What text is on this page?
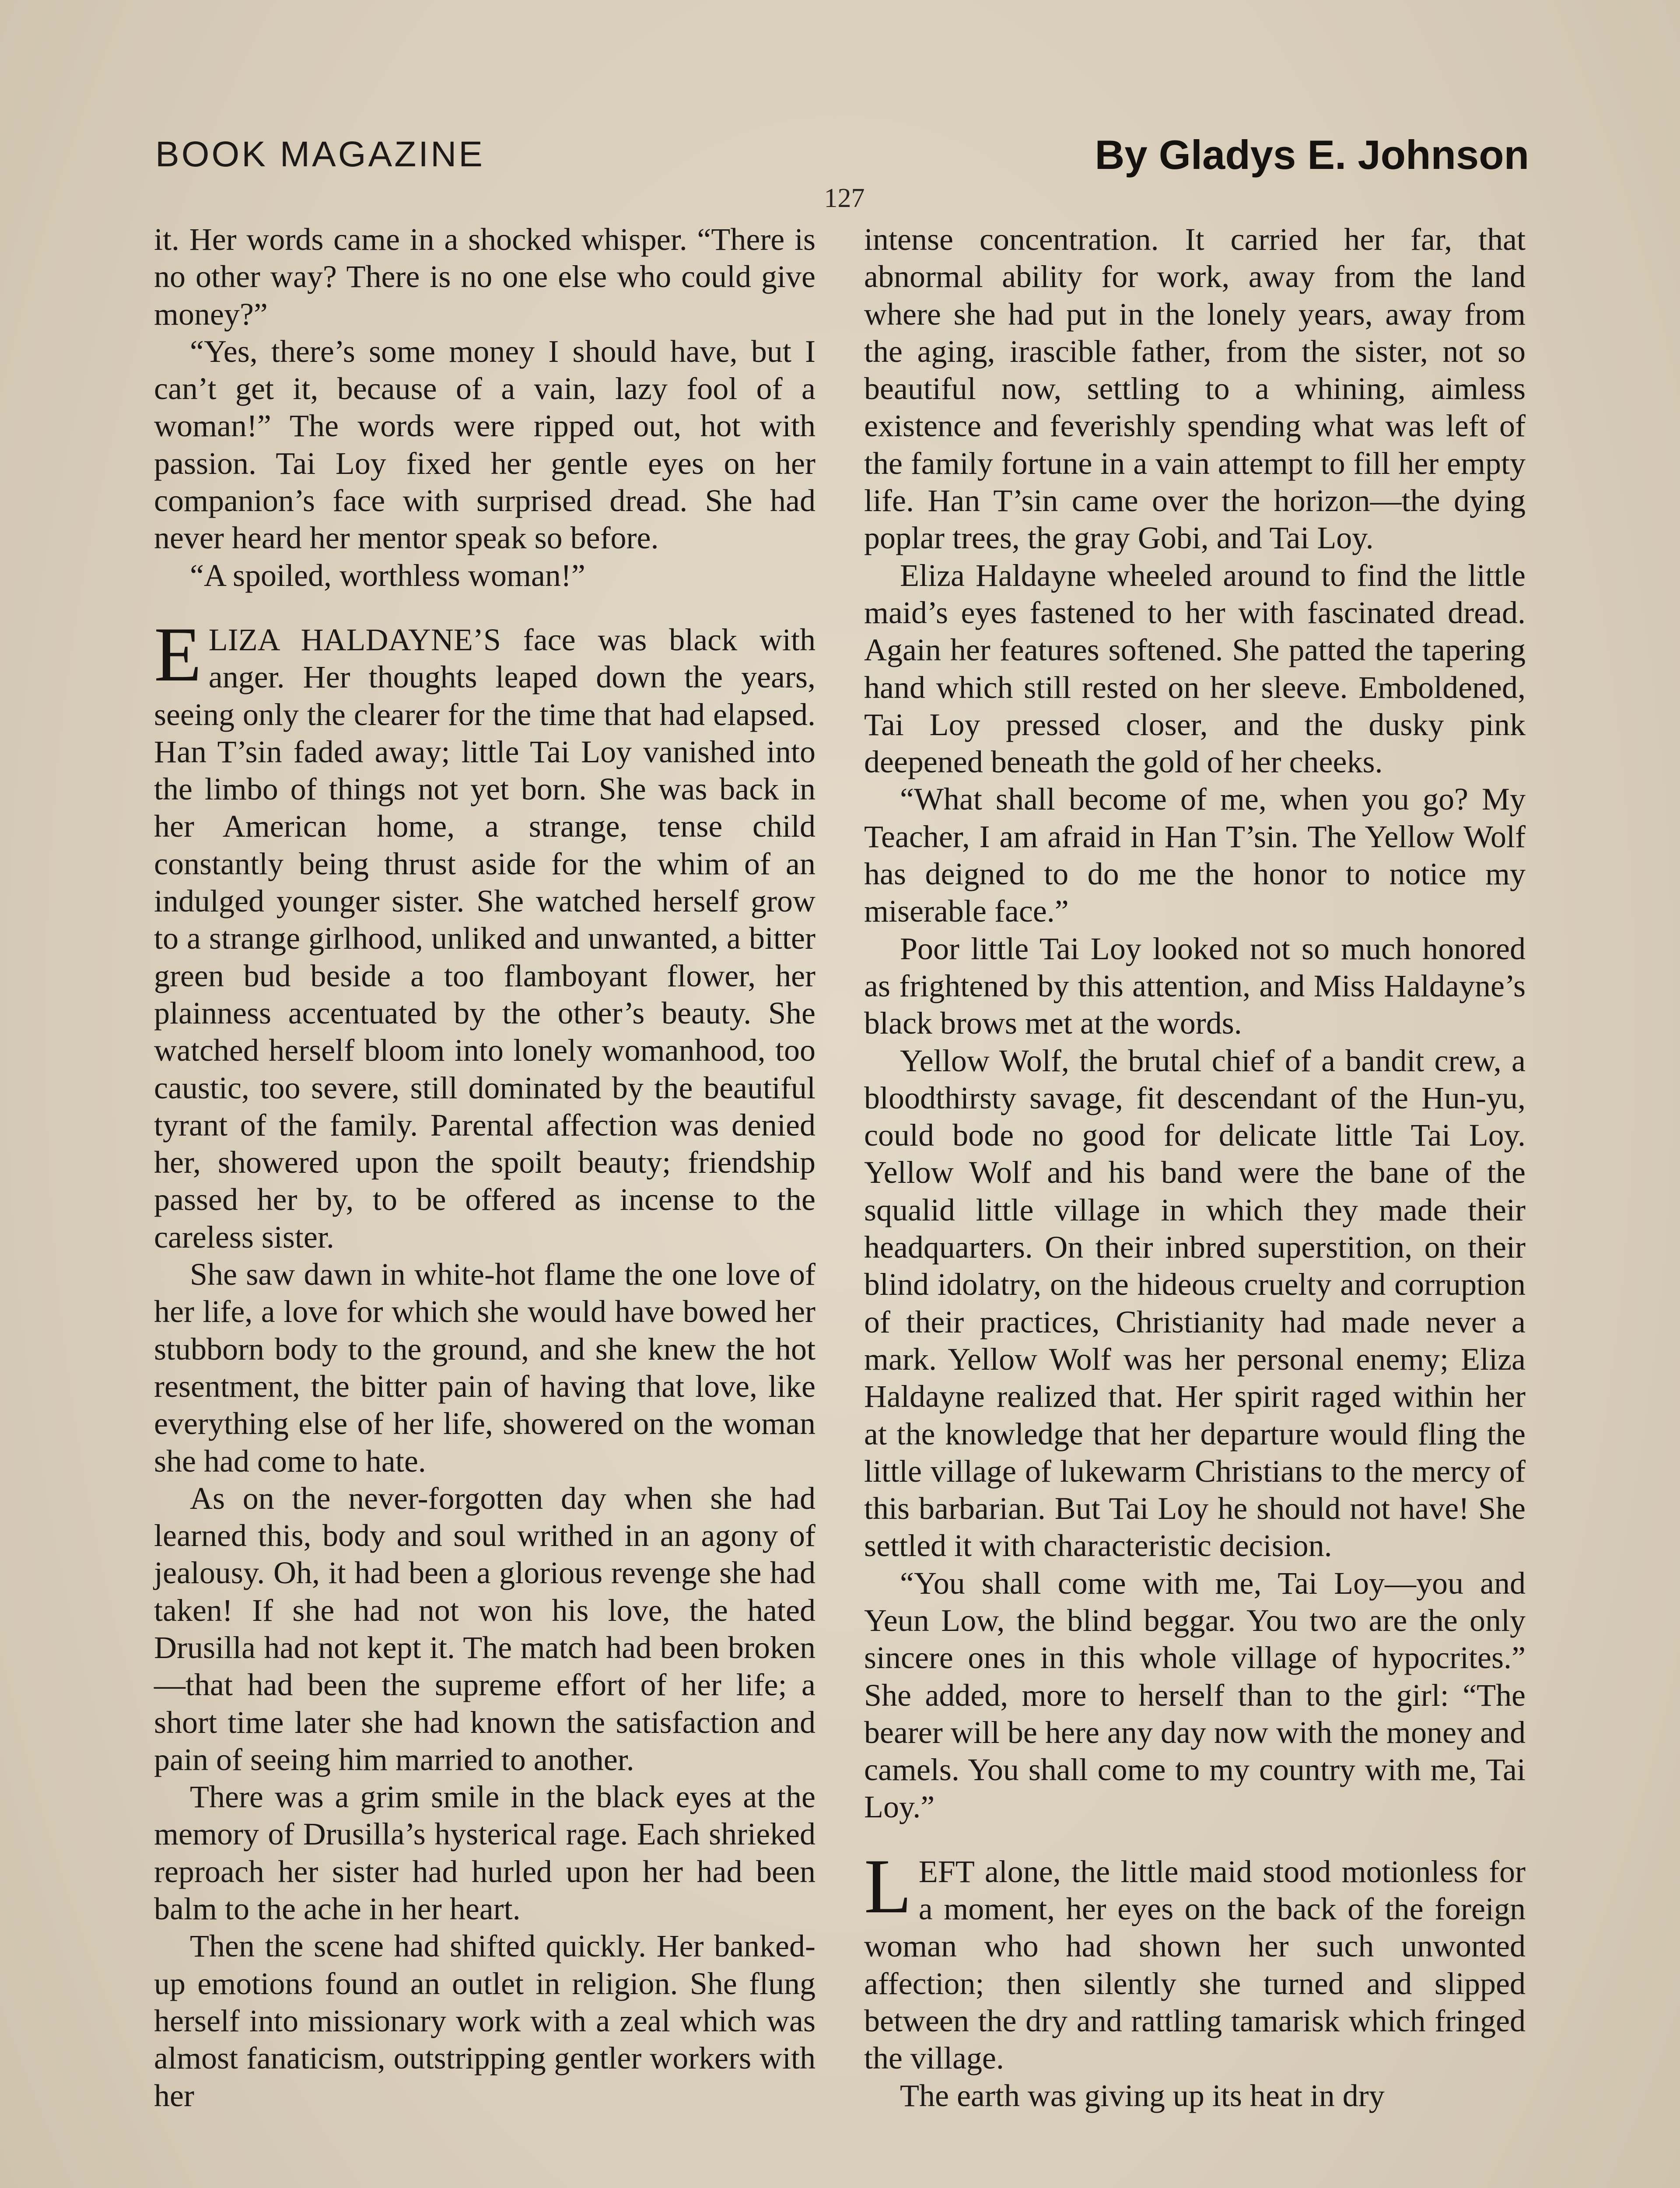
BOOK MAGAZINE	By Gladys E. Johnson
127

it. Her words came in a shocked whisper. “There is no other way? There is no one else who could give money?”

“Yes, there’s some money I should have, but I can’t get it, because of a vain, lazy fool of a woman!” The words were ripped out, hot with passion. Tai Loy fixed her gentle eyes on her companion’s face with surprised dread. She had never heard her mentor speak so before.

“A spoiled, worthless woman!”

ELIZA HALDAYNE’S face was black with anger. Her thoughts leaped down the years, seeing only the clearer for the time that had elapsed. Han T’sin faded away; little Tai Loy vanished into the limbo of things not yet born. She was back in her American home, a strange, tense child constantly being thrust aside for the whim of an indulged younger sister. She watched herself grow to a strange girlhood, unliked and unwanted, a bitter green bud beside a too flamboyant flower, her plainness accentuated by the other’s beauty. She watched herself bloom into lonely womanhood, too caustic, too severe, still dominated by the beautiful tyrant of the family. Parental affection was denied her, showered upon the spoilt beauty; friendship passed her by, to be offered as incense to the careless sister.

She saw dawn in white-hot flame the one love of her life, a love for which she would have bowed her stubborn body to the ground, and she knew the hot resentment, the bitter pain of having that love, like everything else of her life, showered on the woman she had come to hate.

As on the never-forgotten day when she had learned this, body and soul writhed in an agony of jealousy. Oh, it had been a glorious revenge she had taken! If she had not won his love, the hated Drusilla had not kept it. The match had been broken—that had been the supreme effort of her life; a short time later she had known the satisfaction and pain of seeing him married to another.

There was a grim smile in the black eyes at the memory of Drusilla’s hysterical rage. Each shrieked reproach her sister had hurled upon her had been balm to the ache in her heart.

Then the scene had shifted quickly. Her banked-up emotions found an outlet in religion. She flung herself into missionary work with a zeal which was almost fanaticism, outstripping gentler workers with her

intense concentration. It carried her far, that abnormal ability for work, away from the land where she had put in the lonely years, away from the aging, irascible father, from the sister, not so beautiful now, settling to a whining, aimless existence and feverishly spending what was left of the family fortune in a vain attempt to fill her empty life. Han T’sin came over the horizon—the dying poplar trees, the gray Gobi, and Tai Loy.

Eliza Haldayne wheeled around to find the little maid’s eyes fastened to her with fascinated dread. Again her features softened. She patted the tapering hand which still rested on her sleeve. Emboldened, Tai Loy pressed closer, and the dusky pink deepened beneath the gold of her cheeks.

“What shall become of me, when you go? My Teacher, I am afraid in Han T’sin. The Yellow Wolf has deigned to do me the honor to notice my miserable face.”

Poor little Tai Loy looked not so much honored as frightened by this attention, and Miss Haldayne’s black brows met at the words.

Yellow Wolf, the brutal chief of a bandit crew, a bloodthirsty savage, fit descendant of the Hun-yu, could bode no good for delicate little Tai Loy. Yellow Wolf and his band were the bane of the squalid little village in which they made their headquarters. On their inbred superstition, on their blind idolatry, on the hideous cruelty and corruption of their practices, Christianity had made never a mark. Yellow Wolf was her personal enemy; Eliza Haldayne realized that. Her spirit raged within her at the knowledge that her departure would fling the little village of lukewarm Christians to the mercy of this barbarian. But Tai Loy he should not have! She settled it with characteristic decision.

“You shall come with me, Tai Loy—you and Yeun Low, the blind beggar. You two are the only sincere ones in this whole village of hypocrites.” She added, more to herself than to the girl: “The bearer will be here any day now with the money and camels. You shall come to my country with me, Tai Loy.”

LEFT alone, the little maid stood motionless for a moment, her eyes on the back of the foreign woman who had shown her such unwonted affection; then silently she turned and slipped between the dry and rattling tamarisk which fringed the village.

The earth was giving up its heat in dry
